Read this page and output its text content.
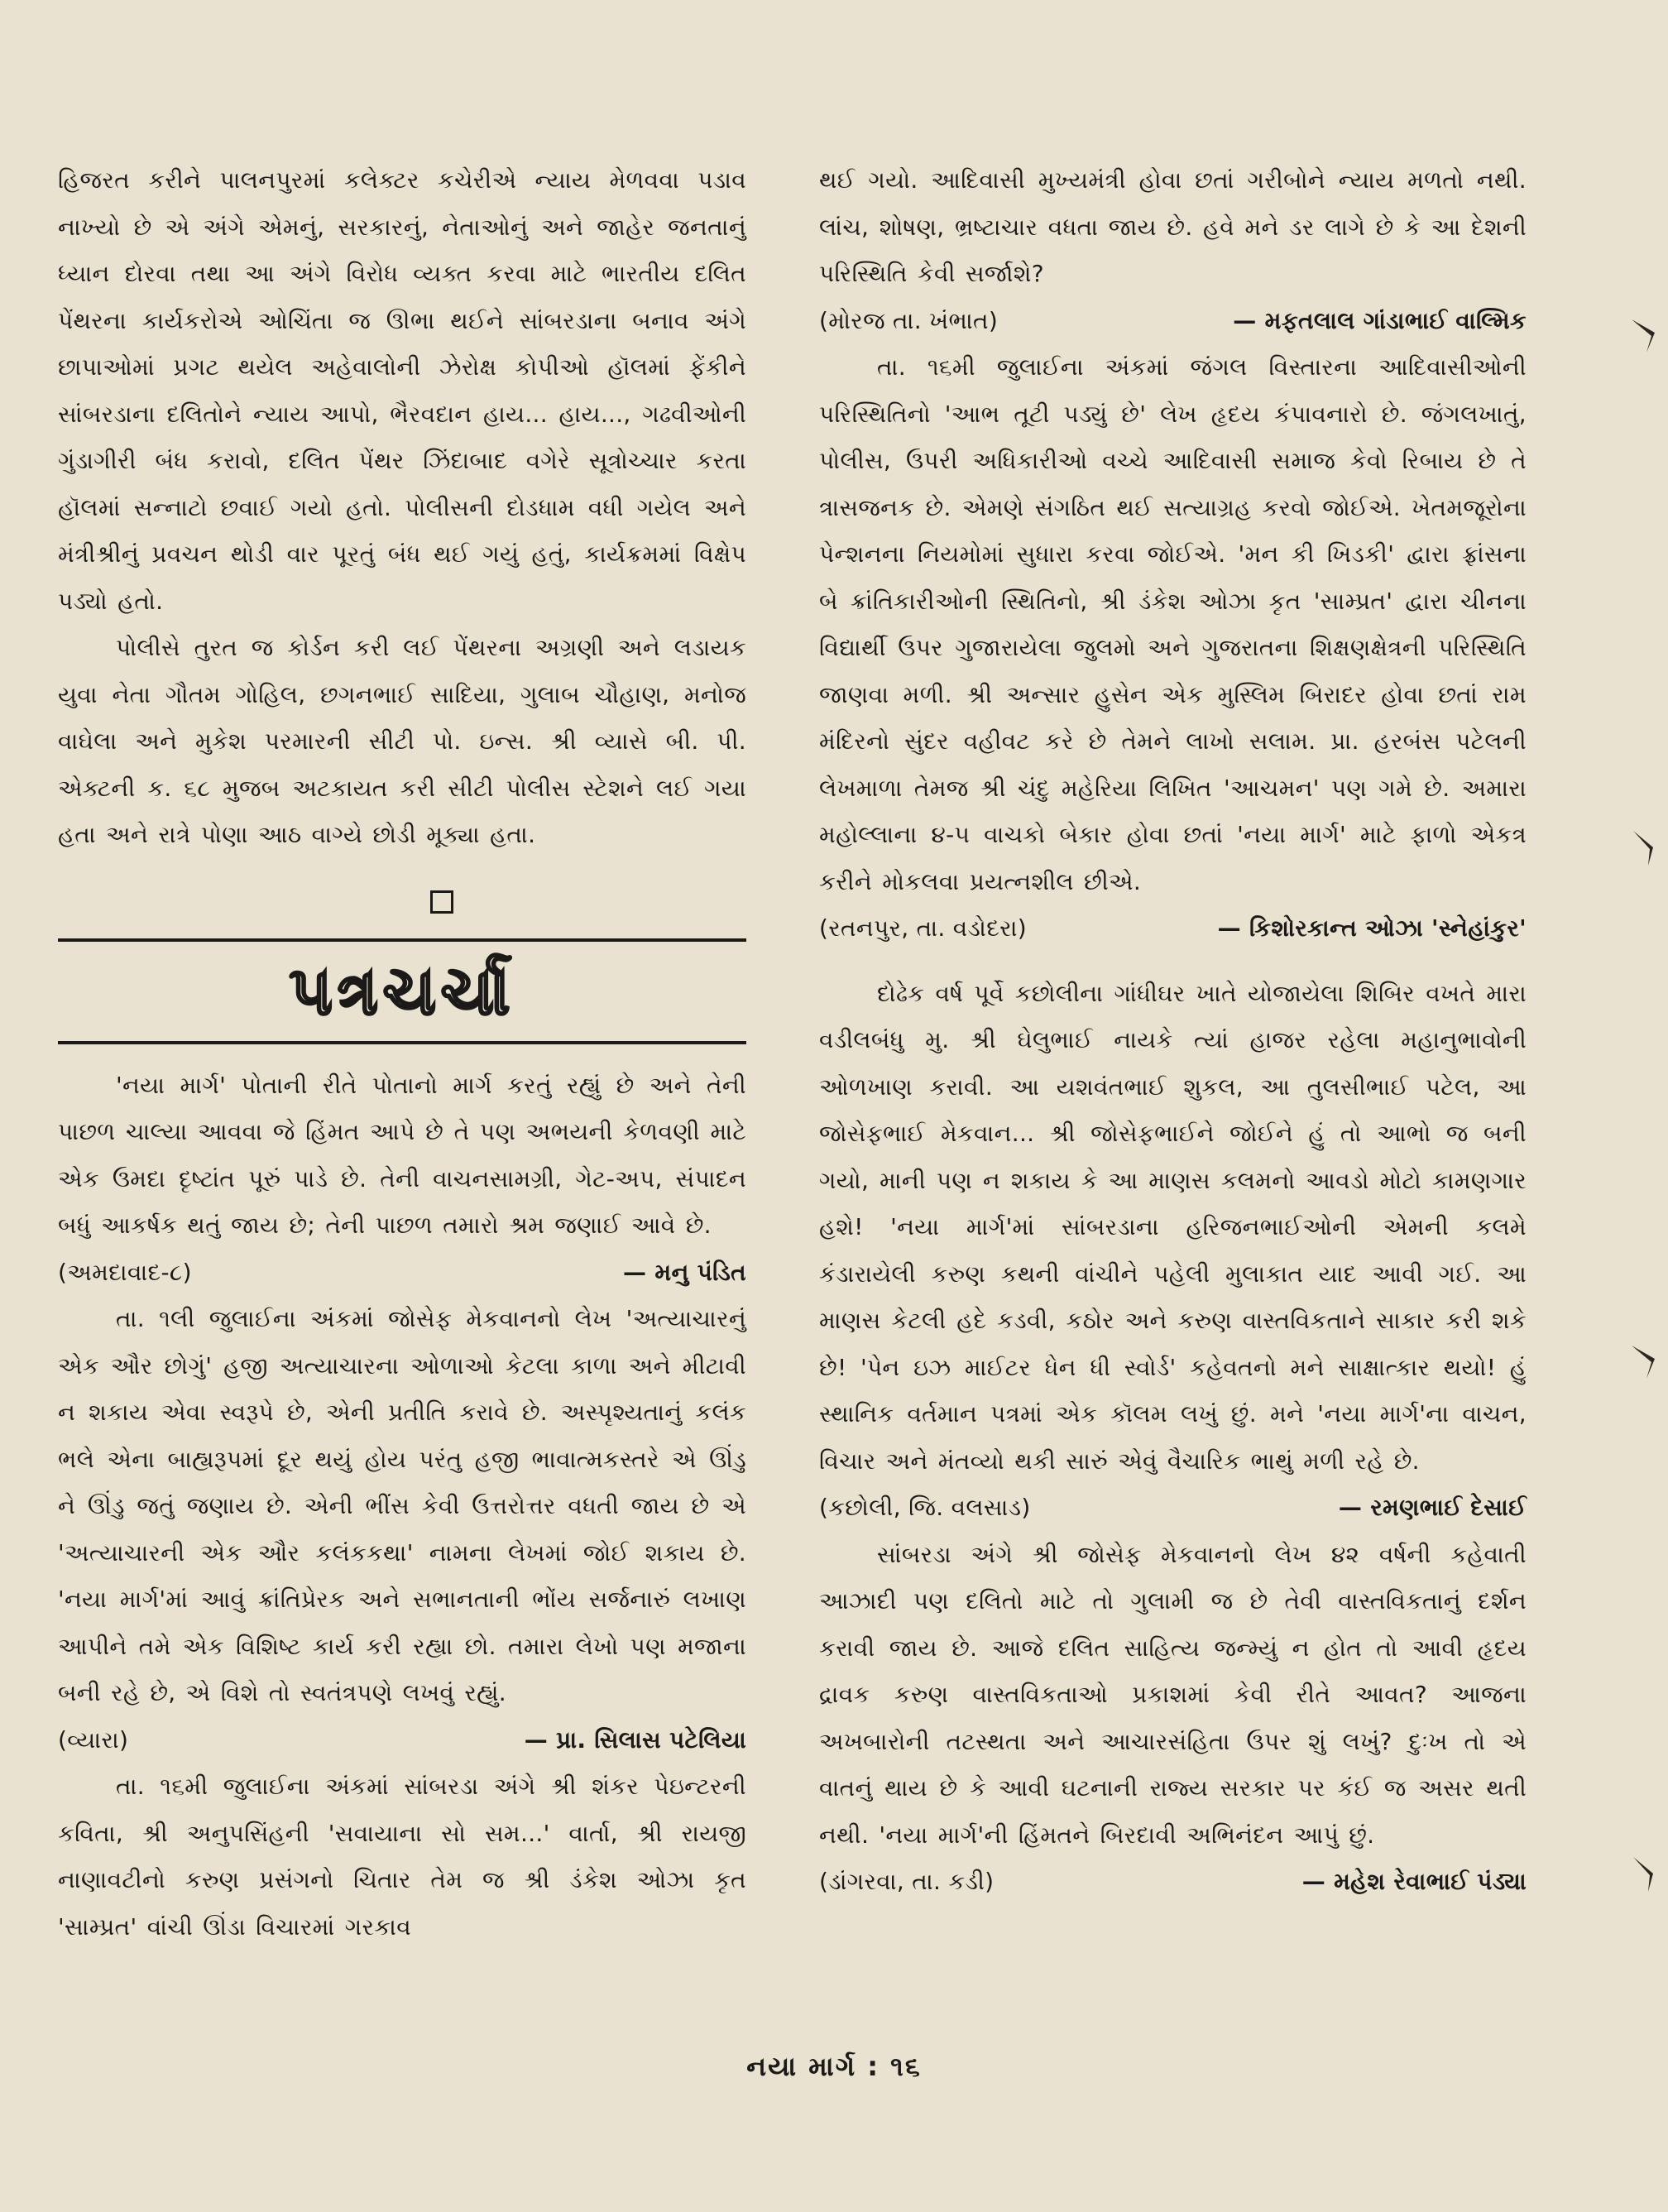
હિજરત કરીને પાલનપુરમાં કલેક્ટર કચેરીએ ન્યાય મેળવવા પડાવ નાખ્યો છે એ અંગે એમનું, સરકારનું, નેતાઓનું અને જાહેર જનતાનું ધ્યાન દોરવા તથા આ અંગે વિરોધ વ્યક્ત કરવા માટે ભારતીય દલિત પેંથરના કાર્યકરોએ ઓચિંતા જ ઊભા થઈને સાંબરડાના બનાવ અંગે છાપાઓમાં પ્રગટ થયેલ અહેવાલોની ઝેરોક્ષ કોપીઓ હૉલમાં ફેંકીને સાંબરડાના દલિતોને ન્યાય આપો, ભૈરવદાન હાય... હાય..., ગઢવીઓની ગુંડાગીરી બંધ કરાવો, દલિત પેંથર ઝિંદાબાદ વગેરે સૂત્રોચ્ચાર કરતા હૉલમાં સન્નાટો છવાઈ ગયો હતો. પોલીસની દોડધામ વધી ગયેલ અને મંત્રીશ્રીનું પ્રવચન થોડી વાર પૂરતું બંધ થઈ ગયું હતું, કાર્યક્રમમાં વિક્ષેપ પડ્યો હતો.

પોલીસે તુરત જ કોર્ડન કરી લઈ પેંથરના અગ્રણી અને લડાયક યુવા નેતા ગૌતમ ગોહિલ, છગનભાઈ સાદિયા, ગુલાબ ચૌહાણ, મનોજ વાઘેલા અને મુકેશ પરમારની સીટી પો. ઇન્સ. શ્રી વ્યાસે બી. પી. એક્ટની ક. ૬૮ મુજબ અટકાયત કરી સીટી પોલીસ સ્ટેશને લઈ ગયા હતા અને રાત્રે પોણા આઠ વાગ્યે છોડી મૂક્યા હતા.

પત્રચર્ચા

'નયા માર્ગ' પોતાની રીતે પોતાનો માર્ગ કરતું રહ્યું છે અને તેની પાછળ ચાલ્યા આવવા જે હિંમત આપે છે તે પણ અભયની કેળવણી માટે એક ઉમદા દૃષ્ટાંત પૂરું પાડે છે. તેની વાચનસામગ્રી, ગેટ-અપ, સંપાદન બધું આકર્ષક થતું જાય છે; તેની પાછળ તમારો શ્રમ જણાઈ આવે છે.

(અમદાવાદ-૮)	— મનુ પંડિત

તા. ૧લી જુલાઈના અંકમાં જોસેફ મેકવાનનો લેખ 'અત્યાચારનું એક ઔર છોગું' હજી અત્યાચારના ઓળાઓ કેટલા કાળા અને મીટાવી ન શકાય એવા સ્વરૂપે છે, એની પ્રતીતિ કરાવે છે. અસ્પૃશ્યતાનું કલંક ભલે એના બાહ્યરૂપમાં દૂર થયું હોય પરંતુ હજી ભાવાત્મકસ્તરે એ ઊંડુ ને ઊંડુ જતું જણાય છે. એની ભીંસ કેવી ઉત્તરોત્તર વધતી જાય છે એ 'અત્યાચારની એક ઔર કલંકકથા' નામના લેખમાં જોઈ શકાય છે. 'નયા માર્ગ'માં આવું ક્રાંતિપ્રેરક અને સભાનતાની ભોંય સર્જનારું લખાણ આપીને તમે એક વિશિષ્ટ કાર્ય કરી રહ્યા છો. તમારા લેખો પણ મજાના બની રહે છે, એ વિશે તો સ્વતંત્રપણે લખવું રહ્યું.

(વ્યારા)	— પ્રા. સિલાસ પટેલિયા

તા. ૧૬મી જુલાઈના અંકમાં સાંબરડા અંગે શ્રી શંકર પેઇન્ટરની કવિતા, શ્રી અનુપસિંહની 'સવાયાના સો સમ...' વાર્તા, શ્રી રાયજી નાણાવટીનો કરુણ પ્રસંગનો ચિતાર તેમ જ શ્રી ડંકેશ ઓઝા કૃત 'સામ્પ્રત' વાંચી ઊંડા વિચારમાં ગરકાવ

થઈ ગયો. આદિવાસી મુખ્યમંત્રી હોવા છતાં ગરીબોને ન્યાય મળતો નથી. લાંચ, શોષણ, ભ્રષ્ટાચાર વધતા જાય છે. હવે મને ડર લાગે છે કે આ દેશની પરિસ્થિતિ કેવી સર્જાશે?

(મોરજ તા. ખંભાત)	— મફતલાલ ગાંડાભાઈ વાલ્મિક

તા. ૧૬મી જુલાઈના અંકમાં જંગલ વિસ્તારના આદિવાસીઓની પરિસ્થિતિનો 'આભ તૂટી પડ્યું છે' લેખ હૃદય કંપાવનારો છે. જંગલખાતું, પોલીસ, ઉપરી અધિકારીઓ વચ્ચે આદિવાસી સમાજ કેવો રિબાય છે તે ત્રાસજનક છે. એમણે સંગઠિત થઈ સત્યાગ્રહ કરવો જોઈએ. ખેતમજૂરોના પેન્શનના નિયમોમાં સુધારા કરવા જોઈએ. 'મન કી ખિડકી' દ્વારા ફ્રાંસના બે ક્રાંતિકારીઓની સ્થિતિનો, શ્રી ડંકેશ ઓઝા કૃત 'સામ્પ્રત' દ્વારા ચીનના વિદ્યાર્થી ઉપર ગુજારાયેલા જુલમો અને ગુજરાતના શિક્ષણક્ષેત્રની પરિસ્થિતિ જાણવા મળી. શ્રી અન્સાર હુસેન એક મુસ્લિમ બિરાદર હોવા છતાં રામ મંદિરનો સુંદર વહીવટ કરે છે તેમને લાખો સલામ. પ્રા. હરબંસ પટેલની લેખમાળા તેમજ શ્રી ચંદુ મહેરિયા લિખિત 'આચમન' પણ ગમે છે. અમારા મહોલ્લાના ૪-૫ વાચકો બેકાર હોવા છતાં 'નયા માર્ગ' માટે ફાળો એકત્ર કરીને મોકલવા પ્રયત્નશીલ છીએ.

(રતનપુર, તા. વડોદરા)	— કિશોરકાન્ત ઓઝા 'સ્નેહાંકુર'

દોઢેક વર્ષ પૂર્વે કછોલીના ગાંધીઘર ખાતે યોજાયેલા શિબિર વખતે મારા વડીલબંધુ મુ. શ્રી ઘેલુભાઈ નાયકે ત્યાં હાજર રહેલા મહાનુભાવોની ઓળખાણ કરાવી. આ યશવંતભાઈ શુકલ, આ તુલસીભાઈ પટેલ, આ જોસેફભાઈ મેકવાન... શ્રી જોસેફભાઈને જોઈને હું તો આભો જ બની ગયો, માની પણ ન શકાય કે આ માણસ કલમનો આવડો મોટો કામણગાર હશે! 'નયા માર્ગ'માં સાંબરડાના હરિજનભાઈઓની એમની કલમે કંડારાયેલી કરુણ કથની વાંચીને પહેલી મુલાકાત યાદ આવી ગઈ. આ માણસ કેટલી હદે કડવી, કઠોર અને કરુણ વાસ્તવિકતાને સાકાર કરી શકે છે! 'પેન ઇઝ માઈટર ધેન ધી સ્વોર્ડ' કહેવતનો મને સાક્ષાત્કાર થયો! હું સ્થાનિક વર્તમાન પત્રમાં એક કૉલમ લખું છું. મને 'નયા માર્ગ'ના વાચન, વિચાર અને મંતવ્યો થકી સારું એવું વૈચારિક ભાથું મળી રહે છે.

(કછોલી, જિ. વલસાડ)	— રમણભાઈ દેસાઈ

સાંબરડા અંગે શ્રી જોસેફ મેકવાનનો લેખ ૪૨ વર્ષની કહેવાતી આઝાદી પણ દલિતો માટે તો ગુલામી જ છે તેવી વાસ્તવિકતાનું દર્શન કરાવી જાય છે. આજે દલિત સાહિત્ય જન્મ્યું ન હોત તો આવી હૃદય દ્રાવક કરુણ વાસ્તવિકતાઓ પ્રકાશમાં કેવી રીતે આવત? આજના અખબારોની તટસ્થતા અને આચારસંહિતા ઉપર શું લખું? દુઃખ તો એ વાતનું થાય છે કે આવી ઘટનાની રાજ્ય સરકાર પર કંઈ જ અસર થતી નથી. 'નયા માર્ગ'ની હિંમતને બિરદાવી અભિનંદન આપું છું.

(ડાંગરવા, તા. કડી)	— મહેશ રેવાભાઈ પંડ્યા
નયા માર્ગ : ૧૬
